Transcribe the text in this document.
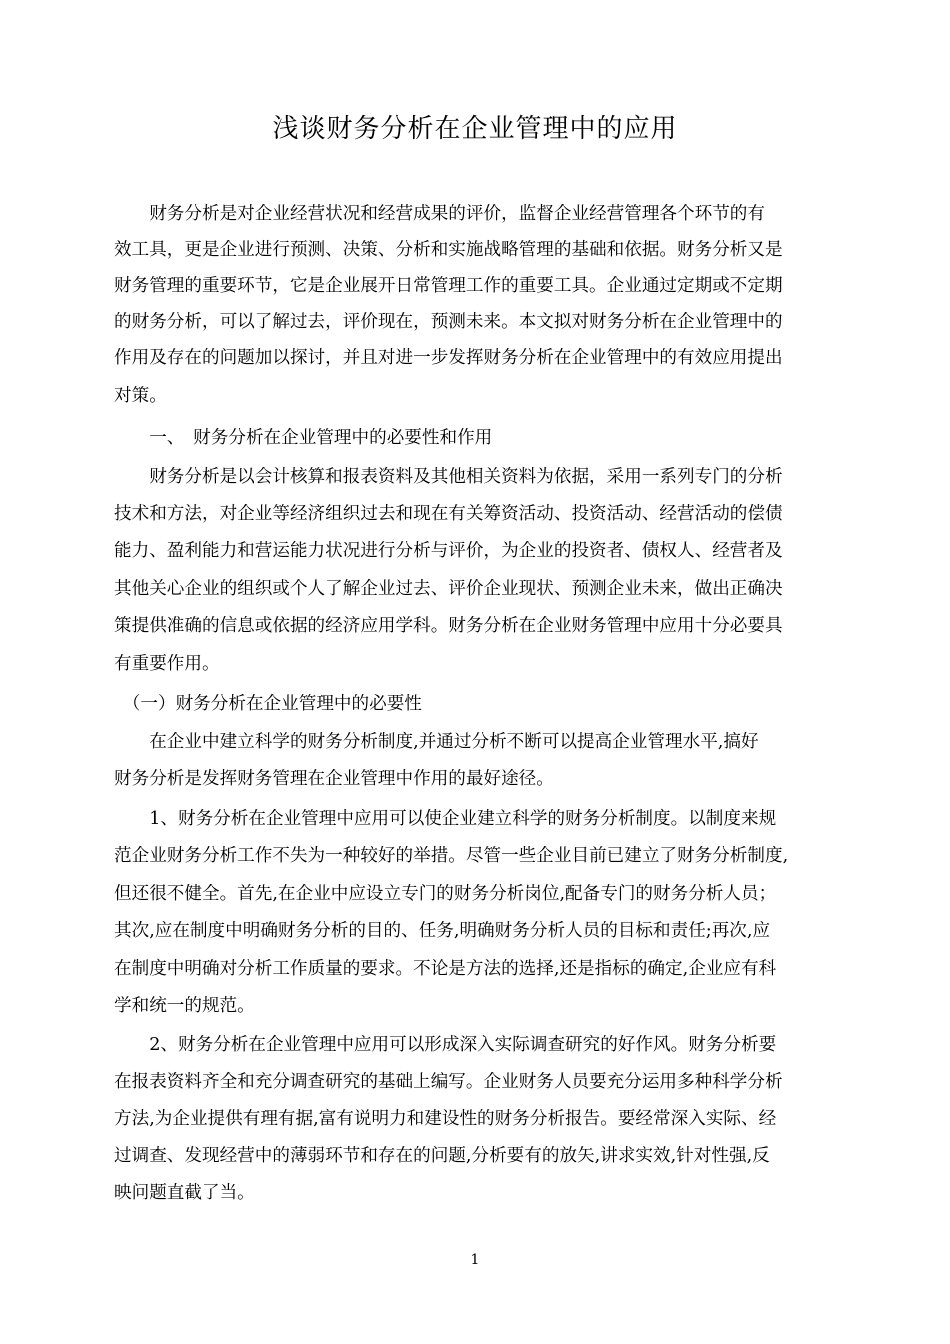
浅谈财务分析在企业管理中的应用
　　财务分析是对企业经营状况和经营成果的评价，监督企业经营管理各个环节的有
效工具，更是企业进行预测、决策、分析和实施战略管理的基础和依据。财务分析又是
财务管理的重要环节，它是企业展开日常管理工作的重要工具。企业通过定期或不定期
的财务分析，可以了解过去，评价现在，预测未来。本文拟对财务分析在企业管理中的
作用及存在的问题加以探讨，并且对进一步发挥财务分析在企业管理中的有效应用提出
对策。
　　一、　财务分析在企业管理中的必要性和作用
　　财务分析是以会计核算和报表资料及其他相关资料为依据，采用一系列专门的分析
技术和方法，对企业等经济组织过去和现在有关筹资活动、投资活动、经营活动的偿债
能力、盈利能力和营运能力状况进行分析与评价，为企业的投资者、债权人、经营者及
其他关心企业的组织或个人了解企业过去、评价企业现状、预测企业未来，做出正确决
策提供准确的信息或依据的经济应用学科。财务分析在企业财务管理中应用十分必要具
有重要作用。
　（一）财务分析在企业管理中的必要性
　　在企业中建立科学的财务分析制度,并通过分析不断可以提高企业管理水平,搞好
财务分析是发挥财务管理在企业管理中作用的最好途径。
　　1、财务分析在企业管理中应用可以使企业建立科学的财务分析制度。以制度来规
范企业财务分析工作不失为一种较好的举措。尽管一些企业目前已建立了财务分析制度,
但还很不健全。首先,在企业中应设立专门的财务分析岗位,配备专门的财务分析人员；
其次,应在制度中明确财务分析的目的、任务,明确财务分析人员的目标和责任;再次,应
在制度中明确对分析工作质量的要求。不论是方法的选择,还是指标的确定,企业应有科
学和统一的规范。
　　2、财务分析在企业管理中应用可以形成深入实际调查研究的好作风。财务分析要
在报表资料齐全和充分调查研究的基础上编写。企业财务人员要充分运用多种科学分析
方法,为企业提供有理有据,富有说明力和建设性的财务分析报告。要经常深入实际、经
过调查、发现经营中的薄弱环节和存在的问题,分析要有的放矢,讲求实效,针对性强,反
映问题直截了当。
1
